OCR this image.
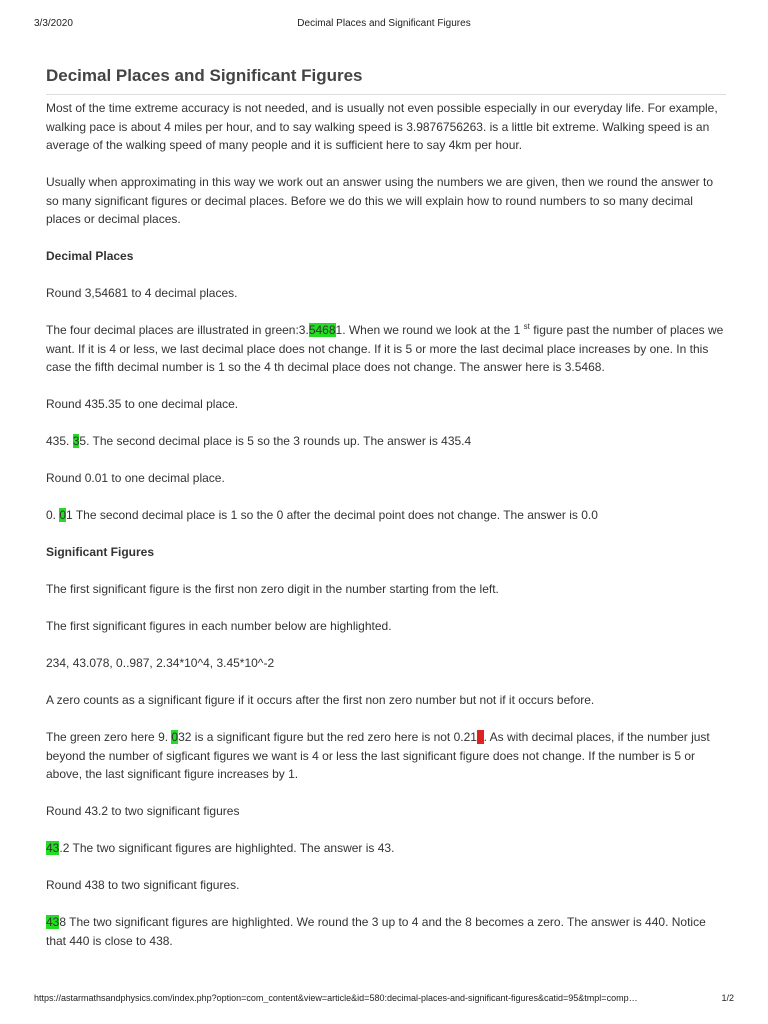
3/3/2020	Decimal Places and Significant Figures
Decimal Places and Significant Figures

Most of the time extreme accuracy is not needed, and is usually not even possible especially in our everyday life. For example, walking pace is about 4 miles per hour, and to say walking speed is 3.9876756263. is a little bit extreme. Walking speed is an average of the walking speed of many people and it is sufficient here to say 4km per hour.

Usually when approximating in this way we work out an answer using the numbers we are given, then we round the answer to so many significant figures or decimal places. Before we do this we will explain how to round numbers to so many decimal places or decimal places.

Decimal Places

Round 3,54681 to 4 decimal places.

The four decimal places are illustrated in green:3.54681. When we round we look at the 1 $^{st}$ figure past the number of places we want. If it is 4 or less, we last decimal place does not change. If it is 5 or more the last decimal place increases by one. In this case the fifth decimal number is 1 so the 4 th decimal place does not change. The answer here is 3.5468.

Round 435.35 to one decimal place.

435. 35. The second decimal place is 5 so the 3 rounds up. The answer is 435.4

Round 0.01 to one decimal place.

0. 01 The second decimal place is 1 so the 0 after the decimal point does not change. The answer is 0.0

Significant Figures

The first significant figure is the first non zero digit in the number starting from the left.

The first significant figures in each number below are highlighted.

234, 43.078, 0..987, 2.34*10^4, 3.45*10^-2

A zero counts as a significant figure if it occurs after the first non zero number but not if it occurs before.

The green zero here 9. 032 is a significant figure but the red zero here is not 0.210. As with decimal places, if the number just beyond the number of sigficant figures we want is 4 or less the last significant figure does not change. If the number is 5 or above, the last significant figure increases by 1.

Round 43.2 to two significant figures

43.2 The two significant figures are highlighted. The answer is 43.

Round 438 to two significant figures.

438 The two significant figures are highlighted. We round the 3 up to 4 and the 8 becomes a zero. The answer is 440. Notice that 440 is close to 438.

https://astarmathsandphysics.com/index.php?option=com_content&view=article&id=580:decimal-places-and-significant-figures&catid=95&tmpl=comp…	1/2
